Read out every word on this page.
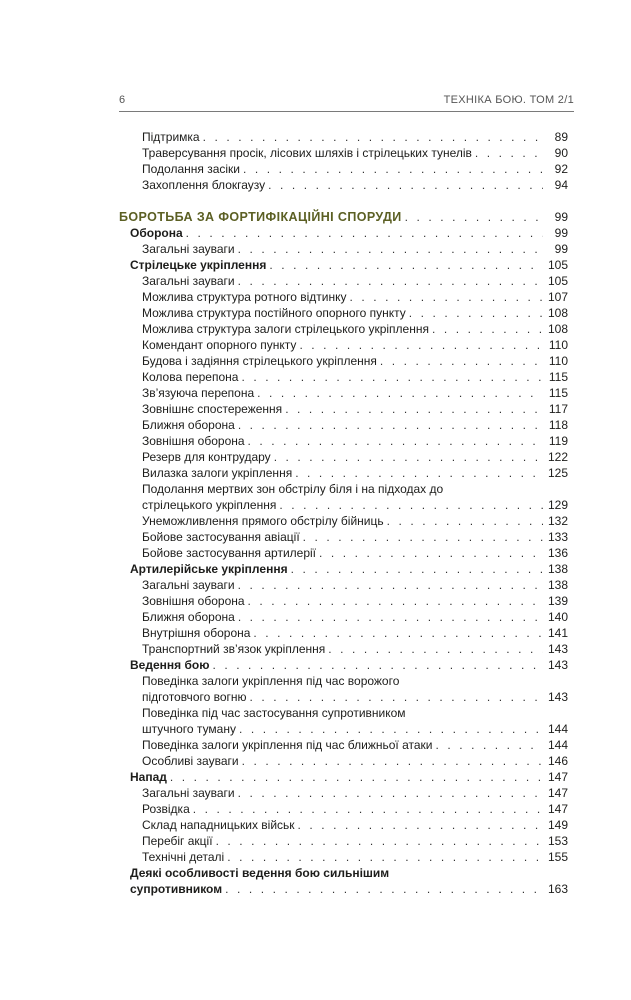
6	ТЕХНІКА БОЮ. ТОМ 2/1
Підтримка . . .	89
Траверсування просік, лісових шляхів і стрілецьких тунелів . . .	90
Подолання засіки . . .	92
Захоплення блокгаузу . . .	94
БОРОТЬБА ЗА ФОРТИФІКАЦІЙНІ СПОРУДИ . . .	99
Оборона . . .	99
Загальні зауваги . . .	99
Стрілецьке укріплення . . .	105
Загальні зауваги . . .	105
Можлива структура ротного відтинку . . .	107
Можлива структура постійного опорного пункту . . .	108
Можлива структура залоги стрілецького укріплення . . .	108
Комендант опорного пункту . . .	110
Будова і задіяння стрілецького укріплення . . .	110
Колова перепона . . .	115
Зв’язуюча перепона . . .	115
Зовнішнє спостереження . . .	117
Ближня оборона . . .	118
Зовнішня оборона . . .	119
Резерв для контрудару . . .	122
Вилазка залоги укріплення . . .	125
Подолання мертвих зон обстрілу біля і на підходах до
стрілецького укріплення . . .	129
Унеможливлення прямого обстрілу бійниць . . .	132
Бойове застосування авіації . . .	133
Бойове застосування артилерії . . .	136
Артилерійське укріплення . . .	138
Загальні зауваги . . .	138
Зовнішня оборона . . .	139
Ближня оборона . . .	140
Внутрішня оборона . . .	141
Транспортний зв’язок укріплення . . .	143
Ведення бою . . .	143
Поведінка залоги укріплення під час ворожого
підготовчого вогню . . .	143
Поведінка під час застосування супротивником
штучного туману . . .	144
Поведінка залоги укріплення під час ближньої атаки . . .	144
Особливі зауваги . . .	146
Напад . . .	147
Загальні зауваги . . .	147
Розвідка . . .	147
Склад нападницьких військ . . .	149
Перебіг акції . . .	153
Технічні деталі . . .	155
Деякі особливості ведення бою сильнішим
супротивником . . .	163
